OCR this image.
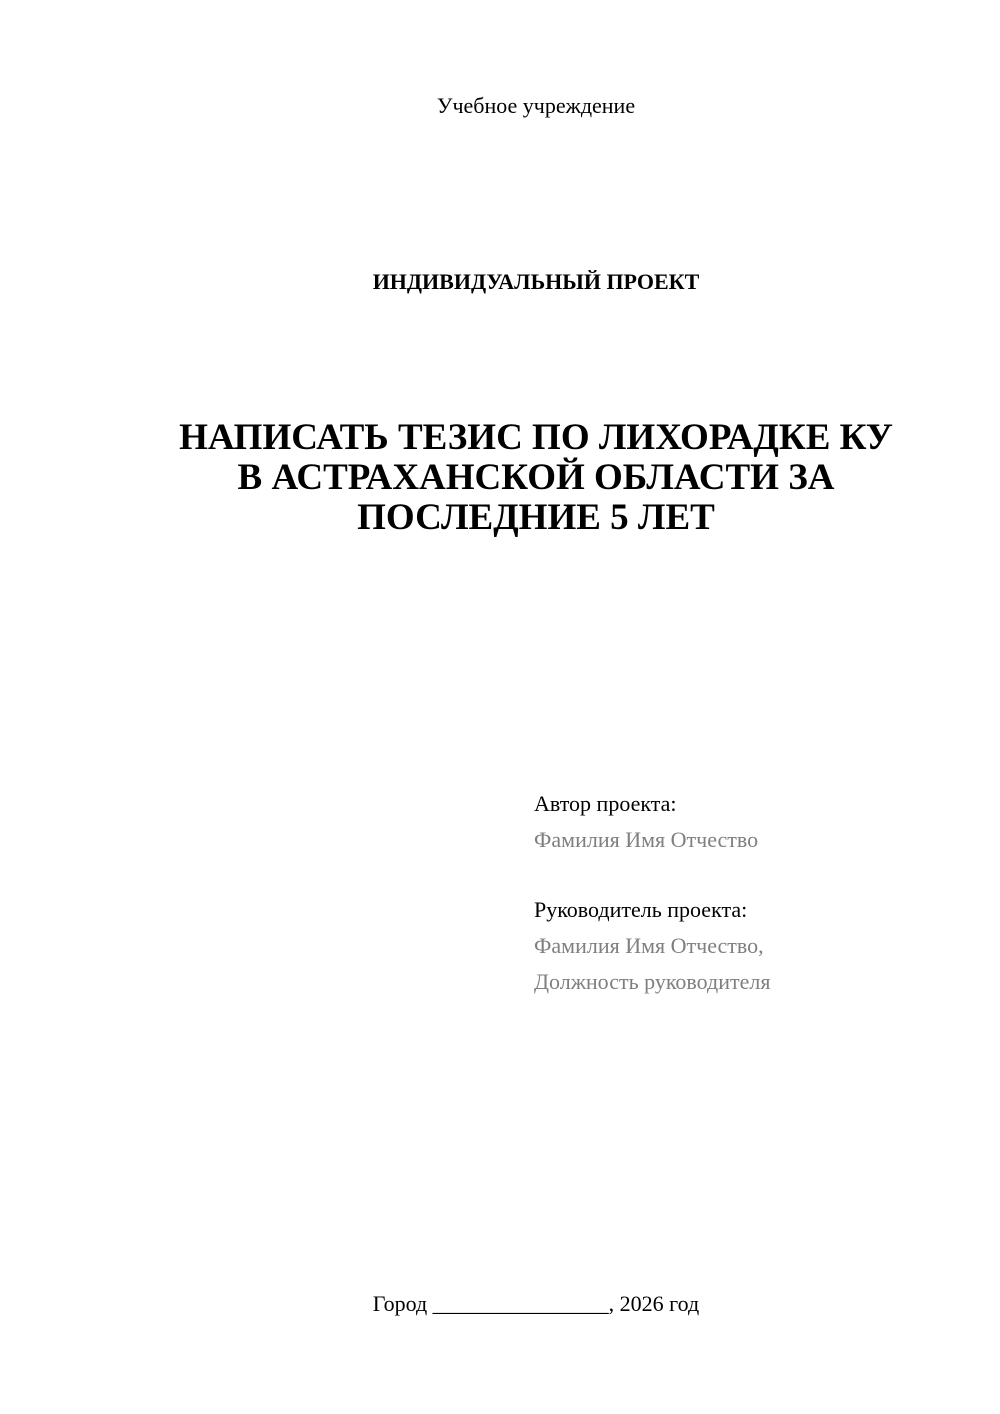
Учебное учреждение
ИНДИВИДУАЛЬНЫЙ ПРОЕКТ
НАПИСАТЬ ТЕЗИС ПО ЛИХОРАДКЕ КУ
В АСТРАХАНСКОЙ ОБЛАСТИ ЗА
ПОСЛЕДНИЕ 5 ЛЕТ
Автор проекта:
Фамилия Имя Отчество
Руководитель проекта:
Фамилия Имя Отчество,
Должность руководителя
Город ________________, 2026 год
